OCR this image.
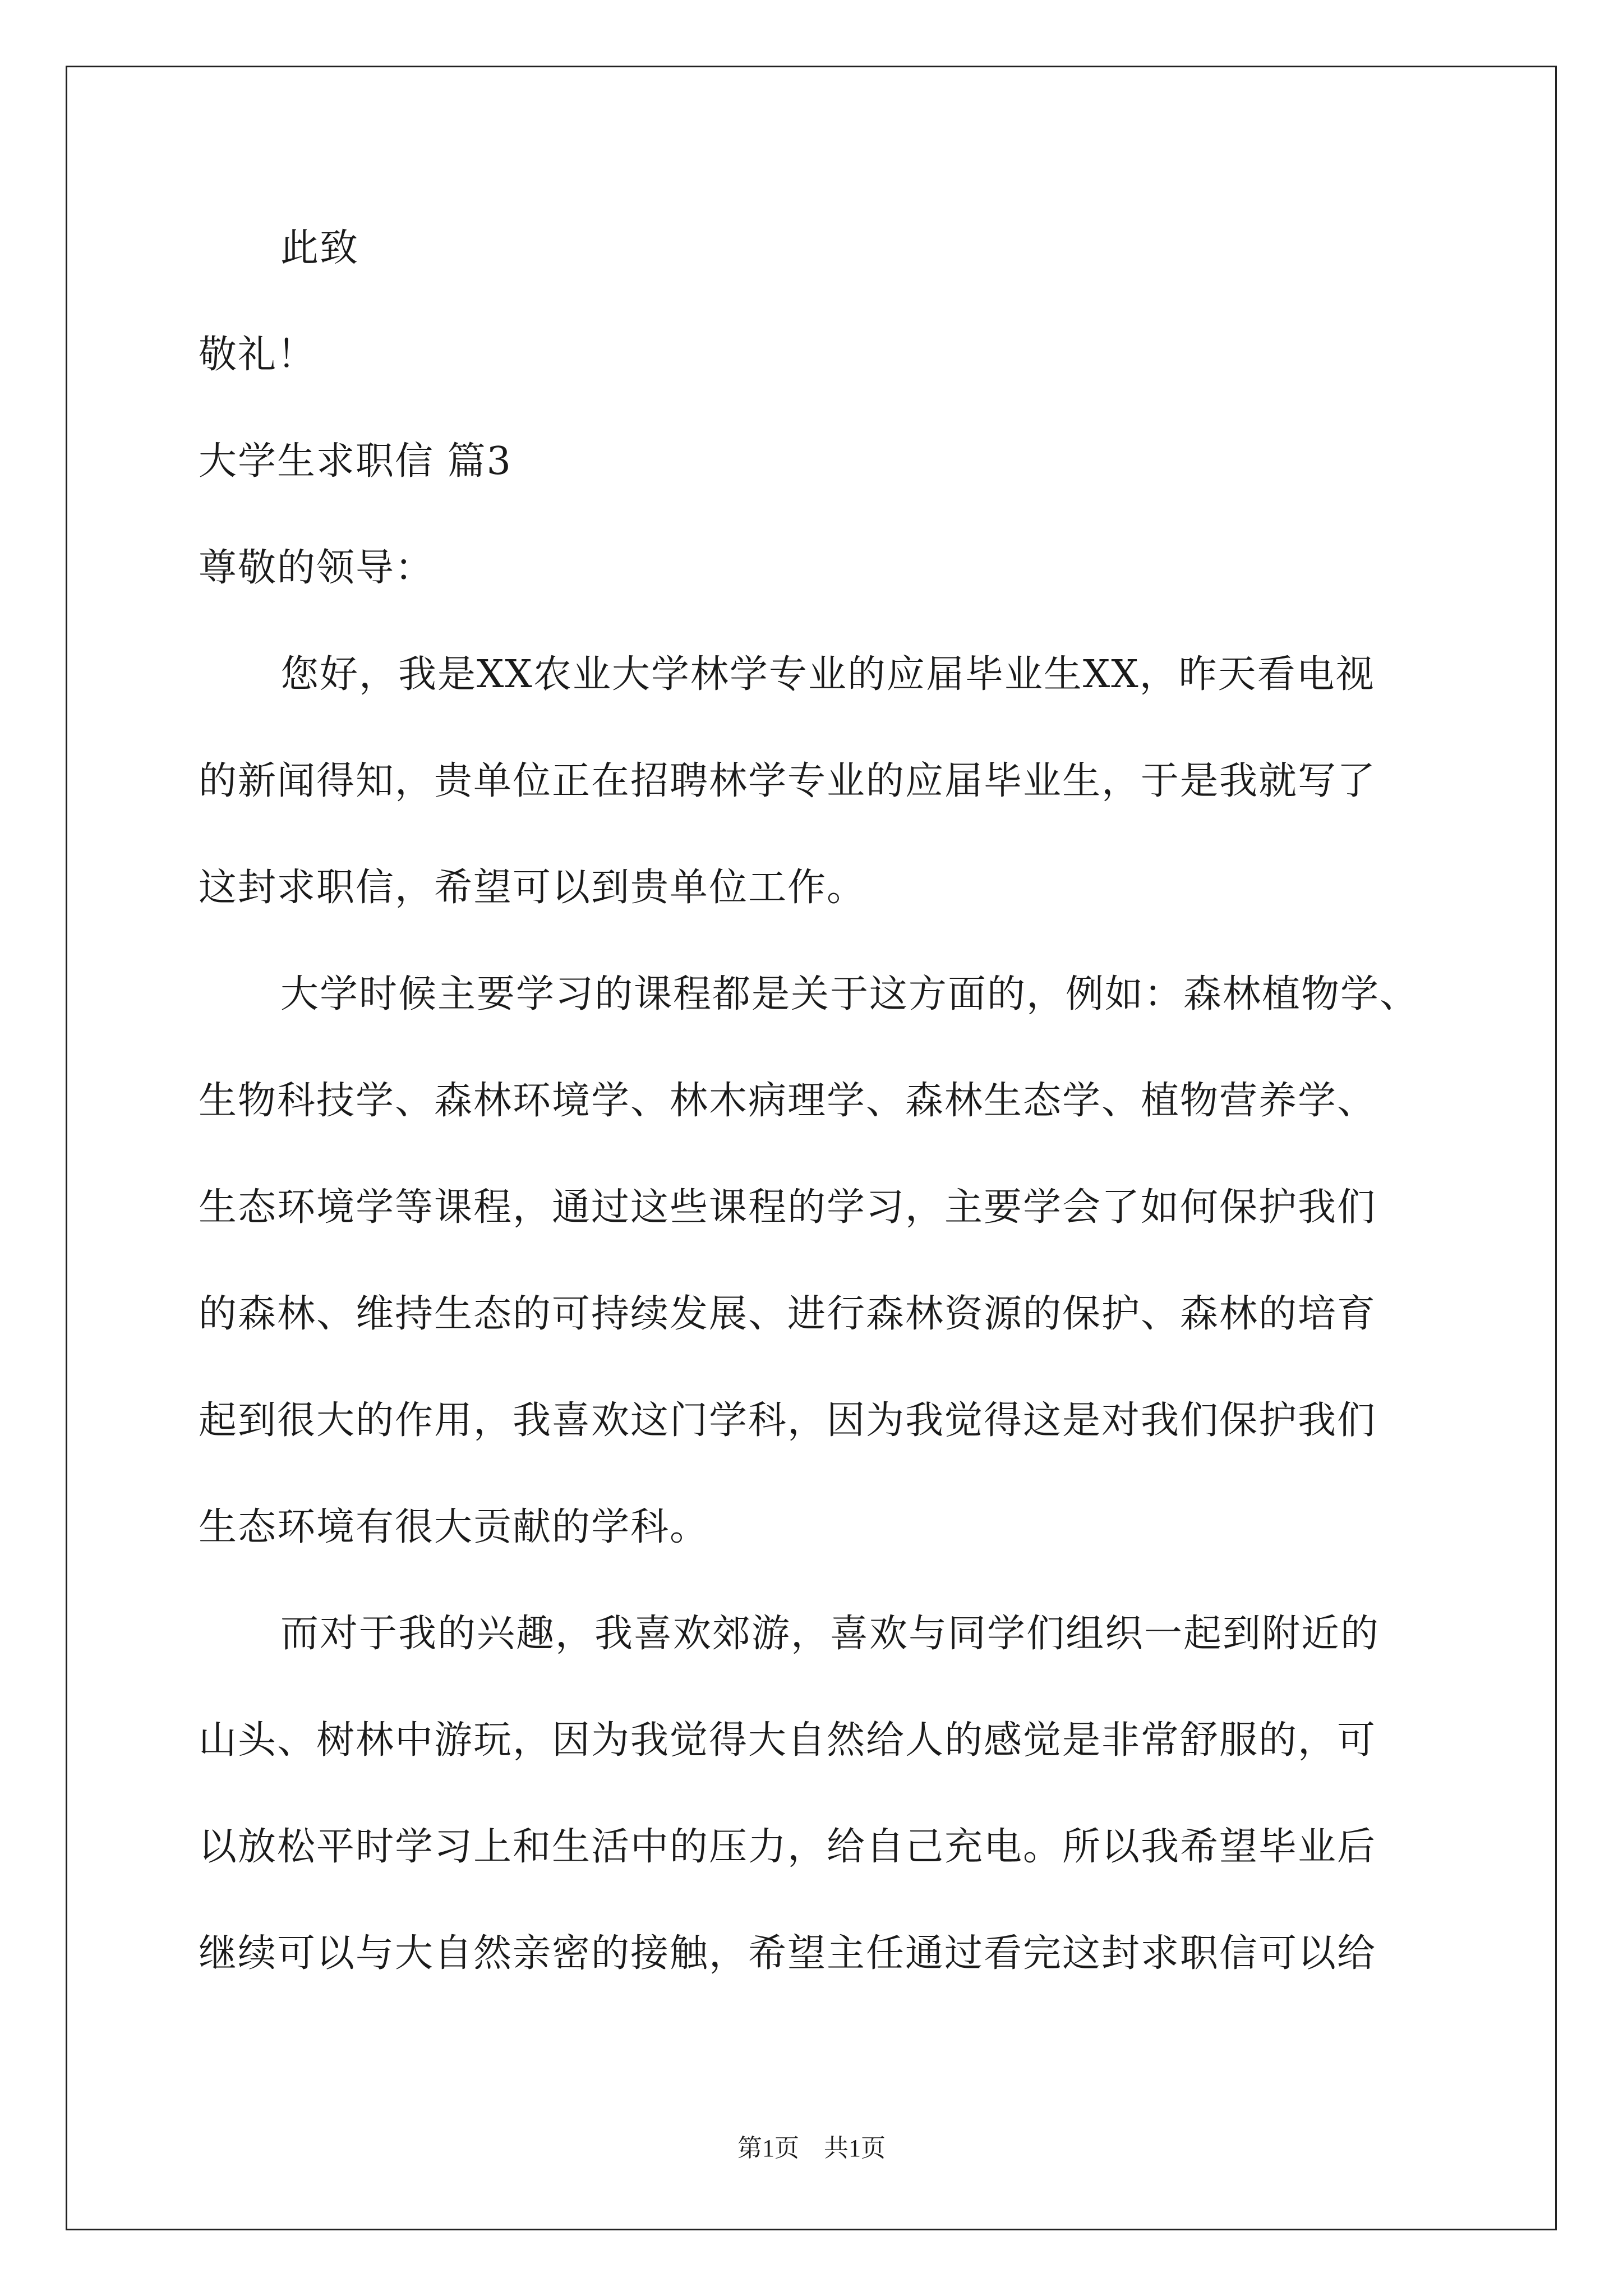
此致
敬礼！
大学生求职信 篇3
尊敬的领导：
您好，我是XX农业大学林学专业的应届毕业生XX，昨天看电视
的新闻得知，贵单位正在招聘林学专业的应届毕业生，于是我就写了
这封求职信，希望可以到贵单位工作。
大学时候主要学习的课程都是关于这方面的，例如：森林植物学、
生物科技学、森林环境学、林木病理学、森林生态学、植物营养学、
生态环境学等课程，通过这些课程的学习，主要学会了如何保护我们
的森林、维持生态的可持续发展、进行森林资源的保护、森林的培育
起到很大的作用，我喜欢这门学科，因为我觉得这是对我们保护我们
生态环境有很大贡献的学科。
而对于我的兴趣，我喜欢郊游，喜欢与同学们组织一起到附近的
山头、树林中游玩，因为我觉得大自然给人的感觉是非常舒服的，可
以放松平时学习上和生活中的压力，给自己充电。所以我希望毕业后
继续可以与大自然亲密的接触，希望主任通过看完这封求职信可以给
第1页　共1页
